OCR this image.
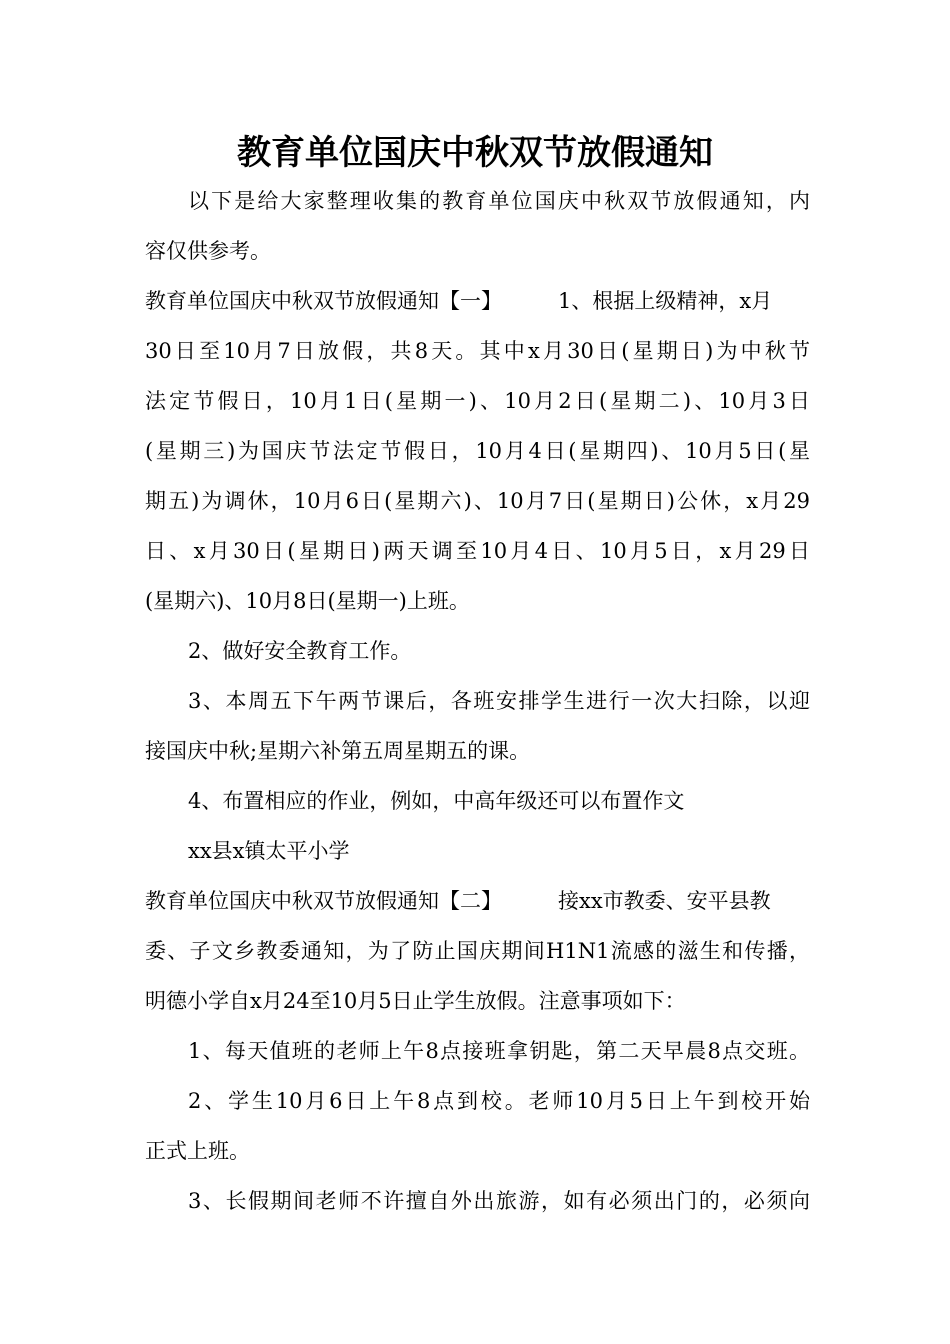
教育单位国庆中秋双节放假通知
以下是给大家整理收集的教育单位国庆中秋双节放假通知，内
容仅供参考。
教育单位国庆中秋双节放假通知【一】	1、根据上级精神，x月
30日至10月7日放假，共8天。其中x月30日(星期日)为中秋节
法定节假日，10月1日(星期一)、10月2日(星期二)、10月3日
(星期三)为国庆节法定节假日，10月4日(星期四)、10月5日(星
期五)为调休，10月6日(星期六)、10月7日(星期日)公休，x月29
日、x月30日(星期日)两天调至10月4日、10月5日，x月29日
(星期六)、10月8日(星期一)上班。
2、做好安全教育工作。
3、本周五下午两节课后，各班安排学生进行一次大扫除，以迎
接国庆中秋;星期六补第五周星期五的课。
4、布置相应的作业，例如，中高年级还可以布置作文
xx县x镇太平小学
教育单位国庆中秋双节放假通知【二】	接xx市教委、安平县教
委、子文乡教委通知，为了防止国庆期间H1N1流感的滋生和传播，
明德小学自x月24至10月5日止学生放假。注意事项如下：
1、每天值班的老师上午8点接班拿钥匙，第二天早晨8点交班。
2、学生10月6日上午8点到校。老师10月5日上午到校开始
正式上班。
3、长假期间老师不许擅自外出旅游，如有必须出门的，必须向
